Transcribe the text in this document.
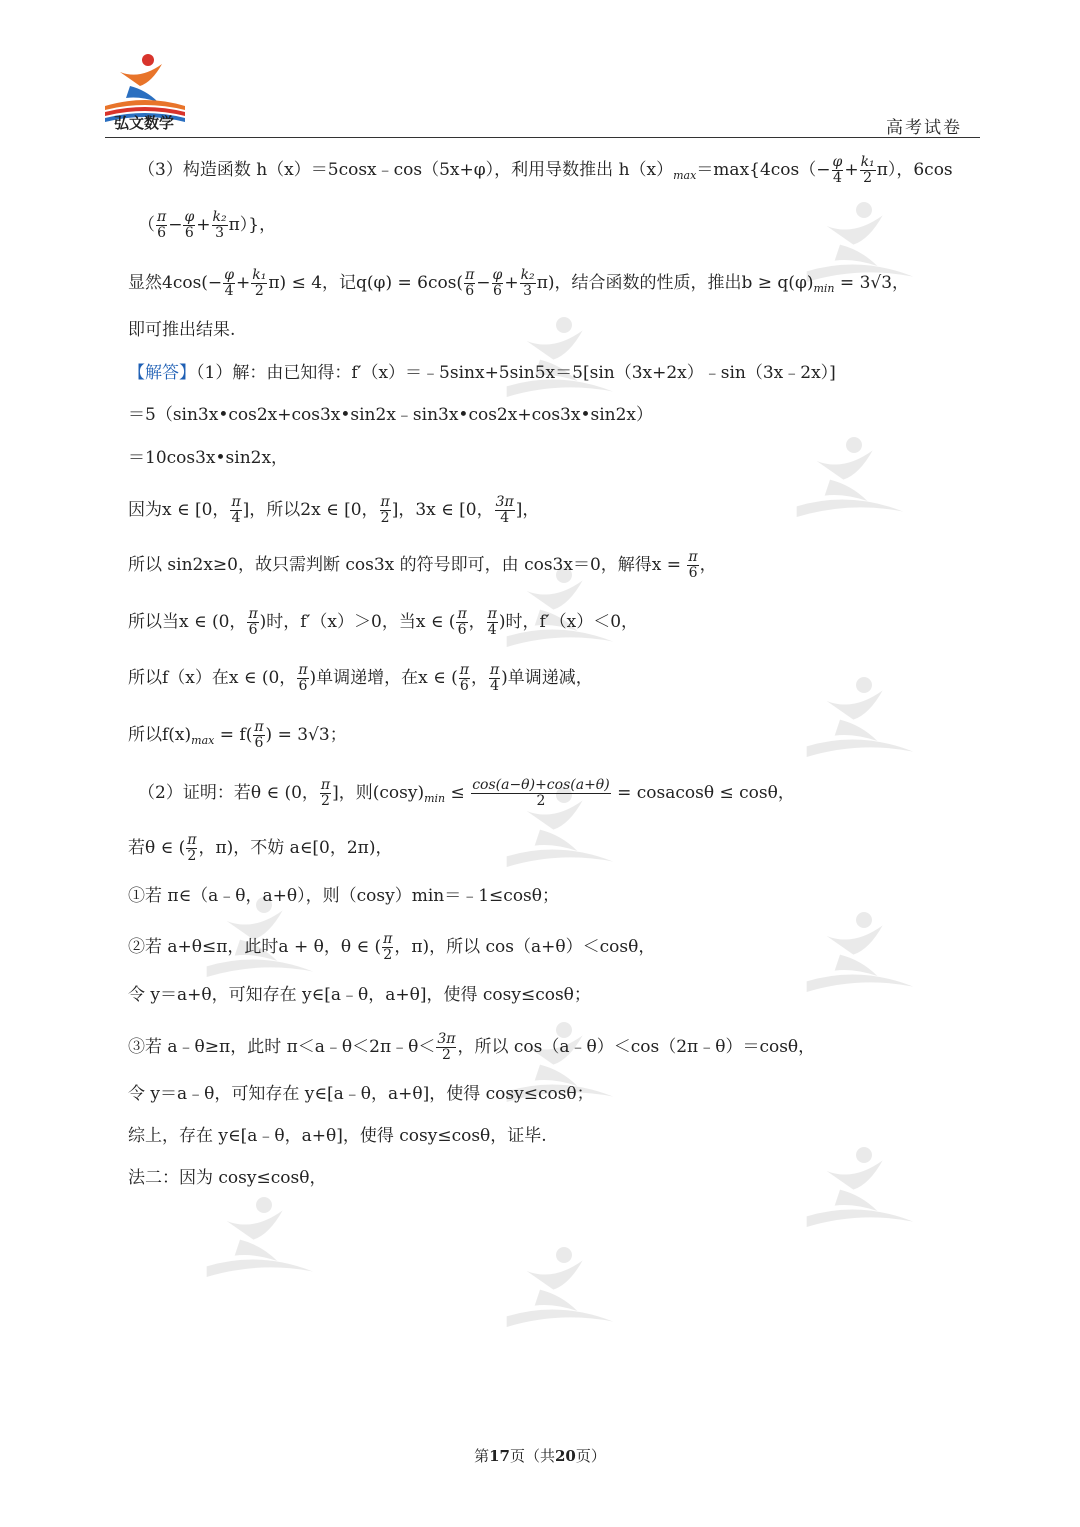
弘文数学	高考试卷
（3）构造函数 h（x）＝5cosx﹣cos（5x+φ），利用导数推出 $h(x)_{max}=\max\{4\cos(- \frac{\varphi}{4} + \frac{\text{k₁}}{2} \pi)$，6cos
（ $\frac{\pi}{6} - \frac{\varphi}{6} + \frac{\text{k₂}}{3} \pi$）}，
显然$4\cos(- \frac{\varphi}{4} + \frac{\text{k₁}}{2} \pi) \le 4$，记$q(\varphi) = 6\cos( \frac{\pi}{6} - \frac{\varphi}{6} + \frac{\text{k₂}}{3} \pi)$，结合函数的性质，推出$b \ge q(\varphi)_{min} = 3√3$，
即可推出结果.
【解答】（1）解：由已知得：f′（x）＝﹣5sinx+5sin5x＝5[sin（3x+2x）﹣sin（3x﹣2x）]
＝5（sin3x•cos2x+cos3x•sin2x﹣sin3x•cos2x+cos3x•sin2x）
＝10cos3x•sin2x，
因为x ∈ [0， $\frac{\pi}{4}$ ]，所以2x ∈ [0， $\frac{\pi}{2}$ ]，3x ∈ [0， $\frac{3\pi}{4}$ ]，
所以 sin2x≥0，故只需判断 cos3x 的符号即可，由 cos3x＝0，解得$x = \frac{\pi}{6}$ ，
所以当x ∈ (0， $\frac{\pi}{6}$ )时，f′（x）＞0，当x ∈ ( $\frac{\pi}{6}$ ， $\frac{\pi}{4}$ )时，f′（x）＜0，
所以f（x）在x ∈ (0， $\frac{\pi}{6}$ )单调递增，在x ∈ ( $\frac{\pi}{6}$ ， $\frac{\pi}{4}$ )单调递减，
所以$f(x)_{max} = f( \frac{\pi}{6}$ ) = 3√3；
（2）证明：若θ ∈ (0， $\frac{\pi}{2}$ ]，则$(\cos y)_{min} \le \frac{\cos(a-\theta)+\cos(a+\theta)}{2}$ = cosacosθ ≤ cosθ，
若θ ∈ ( $\frac{\pi}{2}$ ，π)，不妨 a∈[0，2π)，
①若 π∈（a﹣θ，a+θ），则（cosy）min＝﹣1≤cosθ；
②若 a+θ≤π，此时a + θ，θ ∈ ( $\frac{\pi}{2}$ ，π)，所以 cos（a+θ）＜cosθ，
令 y＝a+θ，可知存在 y∈[a﹣θ，a+θ]，使得 cosy≤cosθ；
③若 a﹣θ≥π，此时 π＜a﹣θ＜2π﹣θ＜ $\frac{3\pi}{2}$ ，所以 cos（a﹣θ）＜cos（2π﹣θ）＝cosθ，
令 y＝a﹣θ，可知存在 y∈[a﹣θ，a+θ]，使得 cosy≤cosθ；
综上，存在 y∈[a﹣θ，a+θ]，使得 cosy≤cosθ，证毕.
法二：因为 cosy≤cosθ，
第17页（共20页）
